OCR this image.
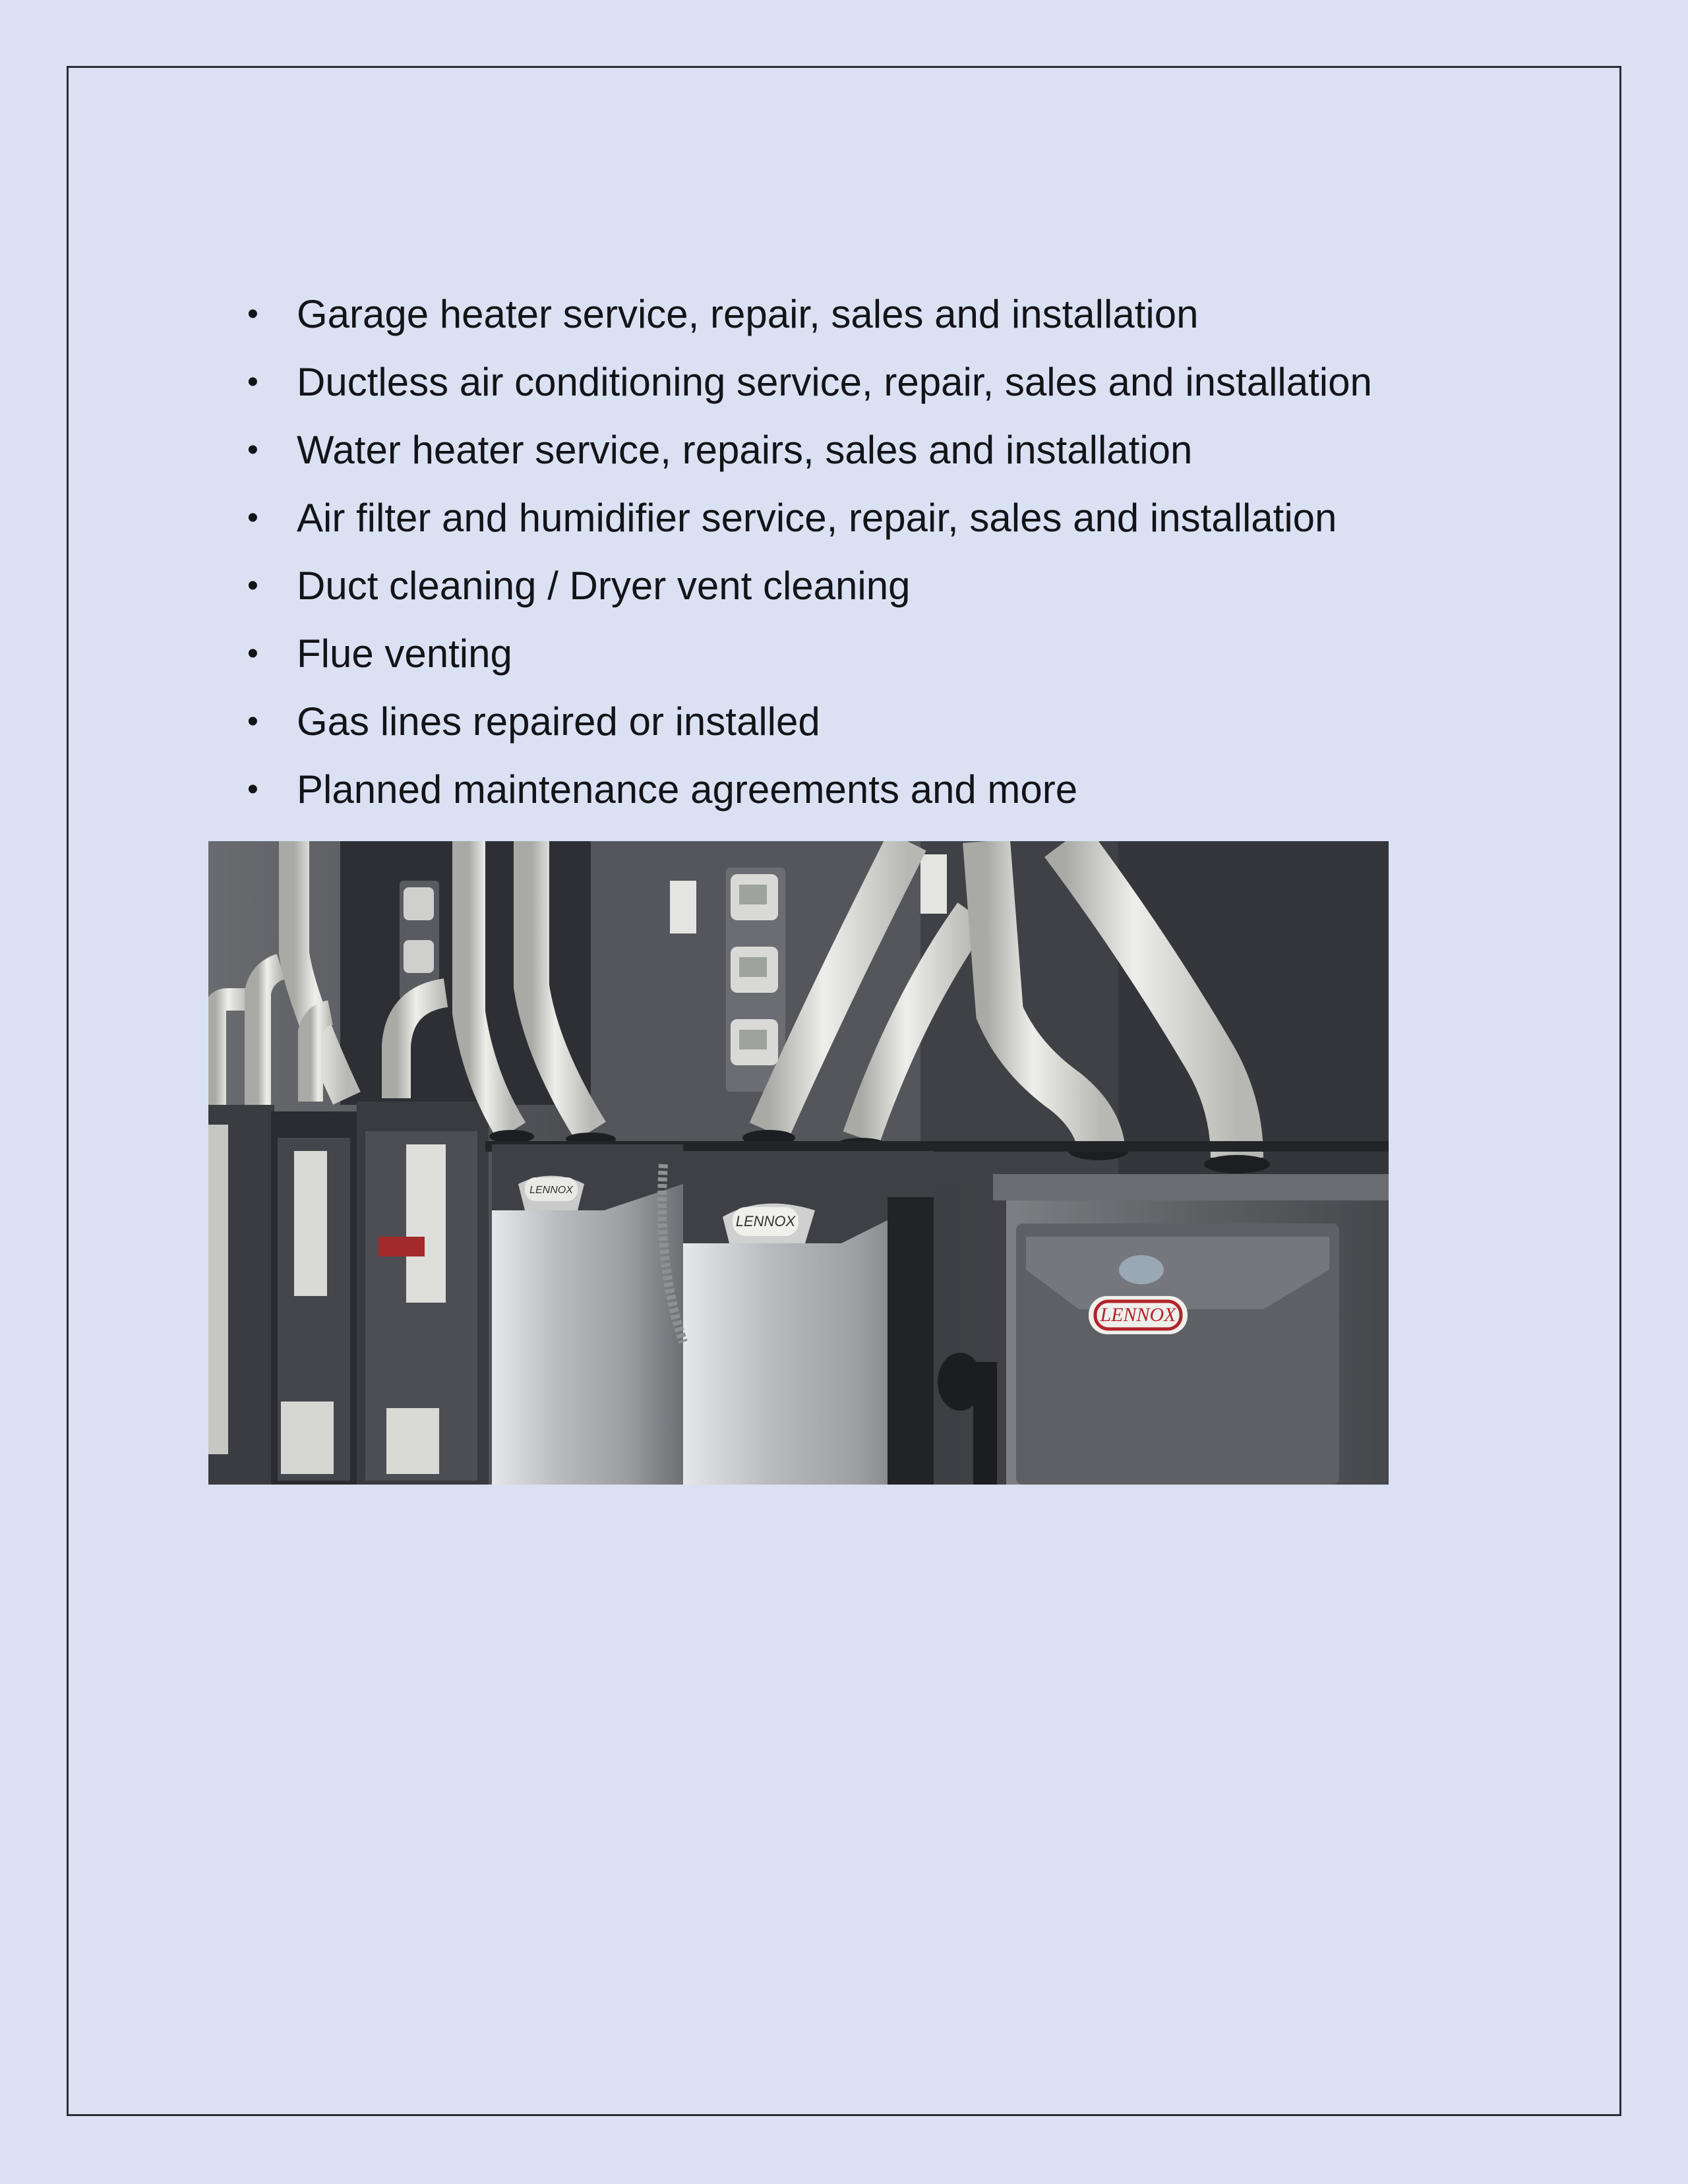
• Garage heater service, repair, sales and installation
• Ductless air conditioning service, repair, sales and installation
• Water heater service, repairs, sales and installation
• Air filter and humidifier service, repair, sales and installation
• Duct cleaning / Dryer vent cleaning
• Flue venting
• Gas lines repaired or installed
• Planned maintenance agreements and more
LENNOX
LENNOX
LENNOX
